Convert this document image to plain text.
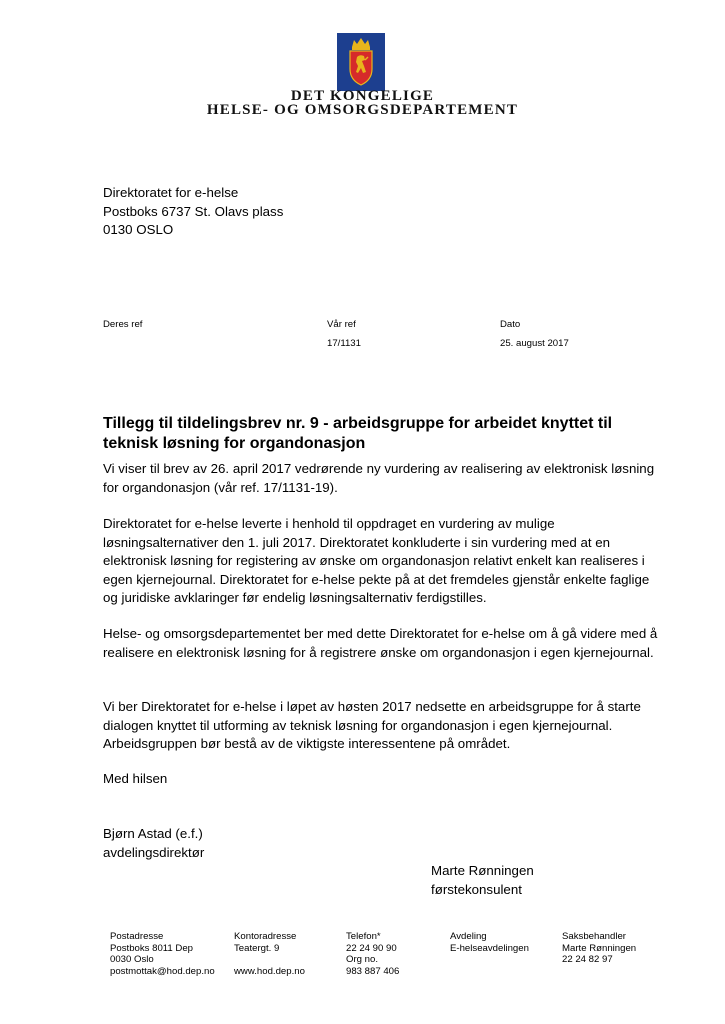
DET KONGELIGE
HELSE- OG OMSORGSDEPARTEMENT
Direktoratet for e-helse
Postboks 6737 St. Olavs plass
0130 OSLO
Deres ref	Vår ref
17/1131
Dato
25. august 2017
Tillegg til tildelingsbrev nr. 9 - arbeidsgruppe for arbeidet knyttet til teknisk løsning for organdonasjon
Vi viser til brev av 26. april 2017 vedrørende ny vurdering av realisering av elektronisk løsning for organdonasjon (vår ref. 17/1131-19).
Direktoratet for e-helse leverte i henhold til oppdraget en vurdering av mulige løsningsalternativer den 1. juli 2017. Direktoratet konkluderte i sin vurdering med at en elektronisk løsning for registering av ønske om organdonasjon relativt enkelt kan realiseres i egen kjernejournal. Direktoratet for e-helse pekte på at det fremdeles gjenstår enkelte faglige og juridiske avklaringer før endelig løsningsalternativ ferdigstilles.
Helse- og omsorgsdepartementet ber med dette Direktoratet for e-helse om å gå videre med å realisere en elektronisk løsning for å registrere ønske om organdonasjon i egen kjernejournal.
Vi ber Direktoratet for e-helse i løpet av høsten 2017 nedsette en arbeidsgruppe for å starte dialogen knyttet til utforming av teknisk løsning for organdonasjon i egen kjernejournal. Arbeidsgruppen bør bestå av de viktigste interessentene på området.
Med hilsen
Bjørn Astad (e.f.)
avdelingsdirektør
Marte Rønningen
førstekonsulent
Postadresse
Postboks 8011 Dep
0030 Oslo
postmottak@hod.dep.no
Kontoradresse
Teatergt. 9
www.hod.dep.no
Telefon*
22 24 90 90
Org no.
983 887 406
Avdeling
E-helseavdelingen
Saksbehandler
Marte Rønningen
22 24 82 97
